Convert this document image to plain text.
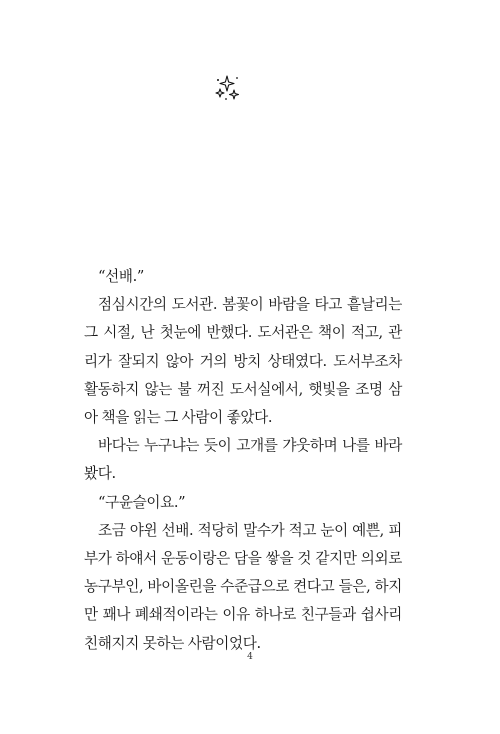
“선배.”

점심시간의 도서관. 봄꽃이 바람을 타고 흩날리는 그 시절, 난 첫눈에 반했다. 도서관은 책이 적고, 관리가 잘되지 않아 거의 방치 상태였다. 도서부조차 활동하지 않는 불 꺼진 도서실에서, 햇빛을 조명 삼아 책을 읽는 그 사람이 좋았다.

바다는 누구냐는 듯이 고개를 갸웃하며 나를 바라봤다.

“구윤슬이요.”

조금 야윈 선배. 적당히 말수가 적고 눈이 예쁜, 피부가 하얘서 운동이랑은 담을 쌓을 것 같지만 의외로 농구부인, 바이올린을 수준급으로 켠다고 들은, 하지만 꽤나 폐쇄적이라는 이유 하나로 친구들과 쉽사리 친해지지 못하는 사람이었다.

4
